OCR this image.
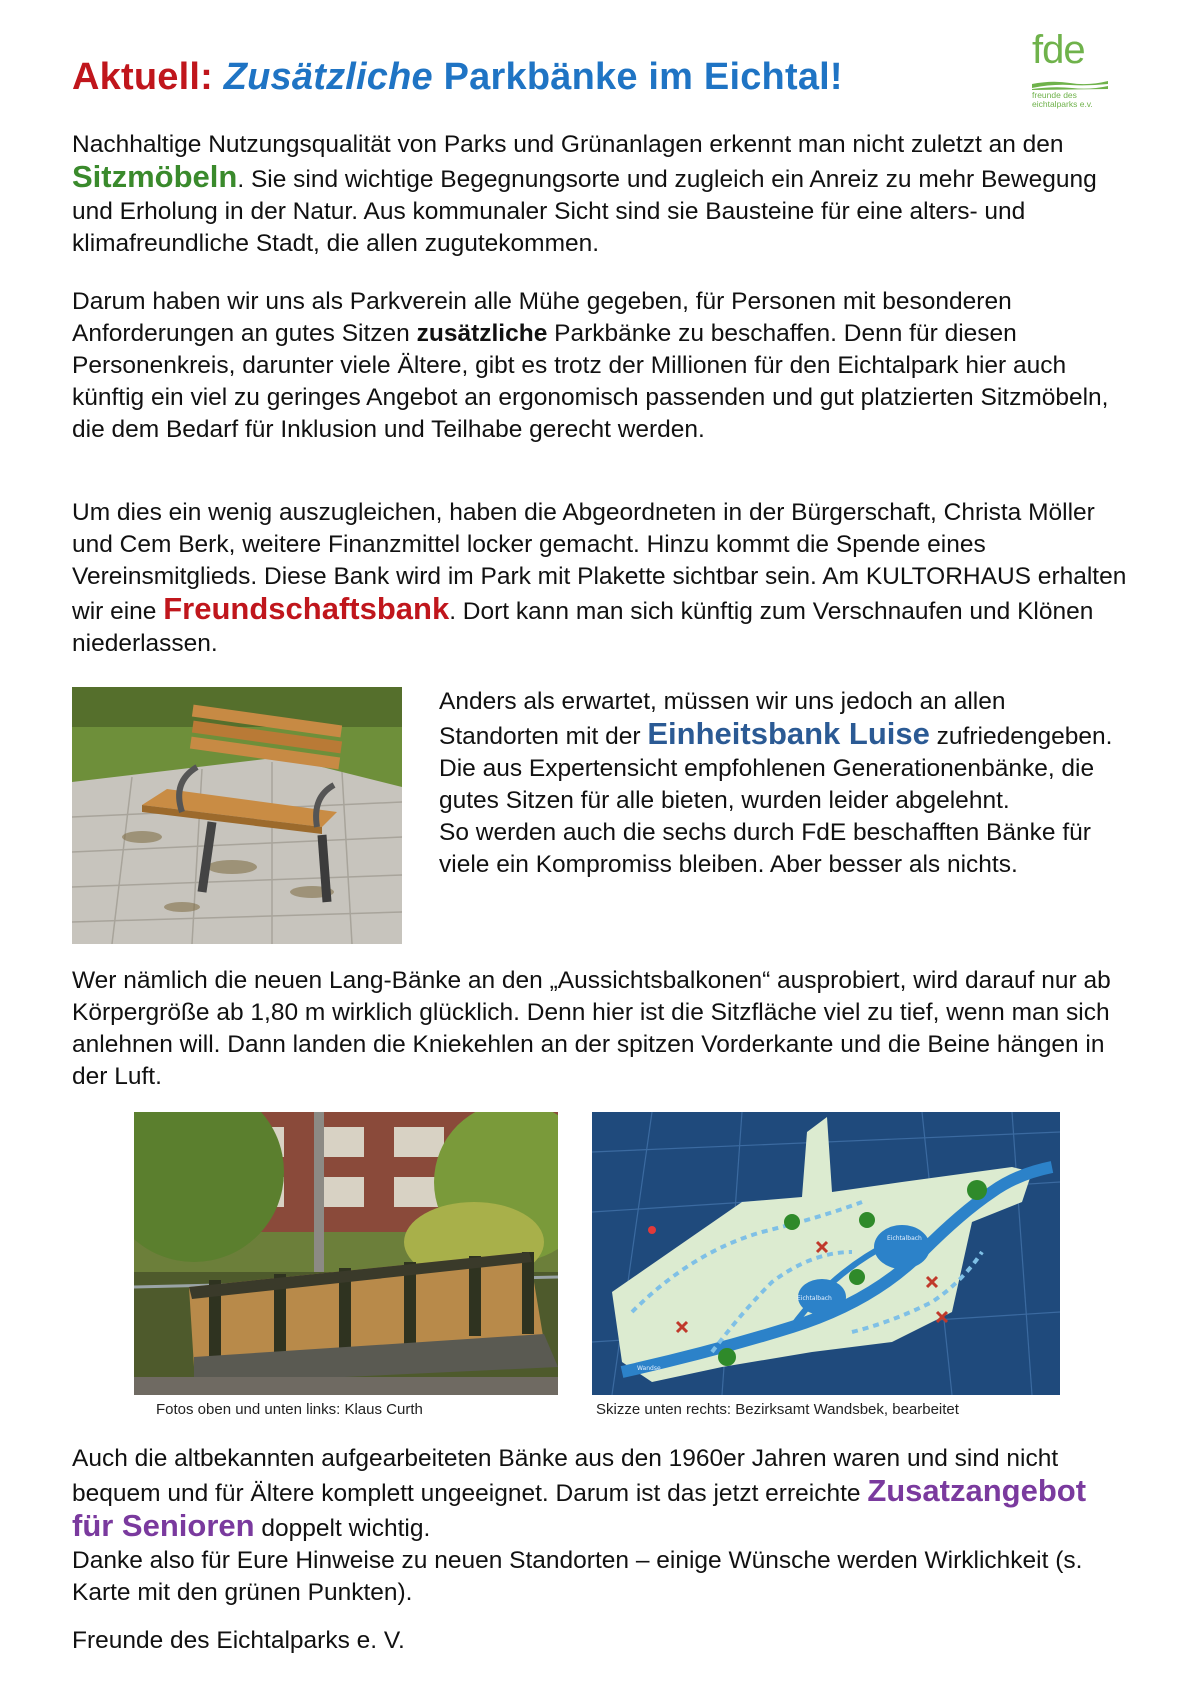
Aktuell: Zusätzliche Parkbänke im Eichtal!
fde
freunde des eichtalparks e.v.

Nachhaltige Nutzungsqualität von Parks und Grünanlagen erkennt man nicht zuletzt an den Sitzmöbeln. Sie sind wichtige Begegnungsorte und zugleich ein Anreiz zu mehr Bewegung und Erholung in der Natur. Aus kommunaler Sicht sind sie Bausteine für eine alters- und klimafreundliche Stadt, die allen zugutekommen.

Darum haben wir uns als Parkverein alle Mühe gegeben, für Personen mit besonderen Anforderungen an gutes Sitzen zusätzliche Parkbänke zu beschaffen. Denn für diesen Personenkreis, darunter viele Ältere, gibt es trotz der Millionen für den Eichtalpark hier auch künftig ein viel zu geringes Angebot an ergonomisch passenden und gut platzierten Sitzmöbeln, die dem Bedarf für Inklusion und Teilhabe gerecht werden.

Um dies ein wenig auszugleichen, haben die Abgeordneten in der Bürgerschaft, Christa Möller und Cem Berk, weitere Finanzmittel locker gemacht. Hinzu kommt die Spende eines Vereinsmitglieds. Diese Bank wird im Park mit Plakette sichtbar sein. Am KULTORHAUS erhalten wir eine Freundschaftsbank. Dort kann man sich künftig zum Verschnaufen und Klönen niederlassen.

Anders als erwartet, müssen wir uns jedoch an allen Standorten mit der Einheitsbank Luise zufriedengeben. Die aus Expertensicht empfohlenen Generationenbänke, die gutes Sitzen für alle bieten, wurden leider abgelehnt.
So werden auch die sechs durch FdE beschafften Bänke für viele ein Kompromiss bleiben. Aber besser als nichts.

Wer nämlich die neuen Lang-Bänke an den „Aussichtsbalkonen“ ausprobiert, wird darauf nur ab Körpergröße ab 1,80 m wirklich glücklich. Denn hier ist die Sitzfläche viel zu tief, wenn man sich anlehnen will. Dann landen die Kniekehlen an der spitzen Vorderkante und die Beine hängen in der Luft.

Eichtalbach
Eichtalbach
Wandse
Fotos oben und unten links: Klaus Curth	Skizze unten rechts: Bezirksamt Wandsbek, bearbeitet

Auch die altbekannten aufgearbeiteten Bänke aus den 1960er Jahren waren und sind nicht bequem und für Ältere komplett ungeeignet. Darum ist das jetzt erreichte Zusatzangebot für Senioren doppelt wichtig.
Danke also für Eure Hinweise zu neuen Standorten – einige Wünsche werden Wirklichkeit (s. Karte mit den grünen Punkten).

Freunde des Eichtalparks e. V.
